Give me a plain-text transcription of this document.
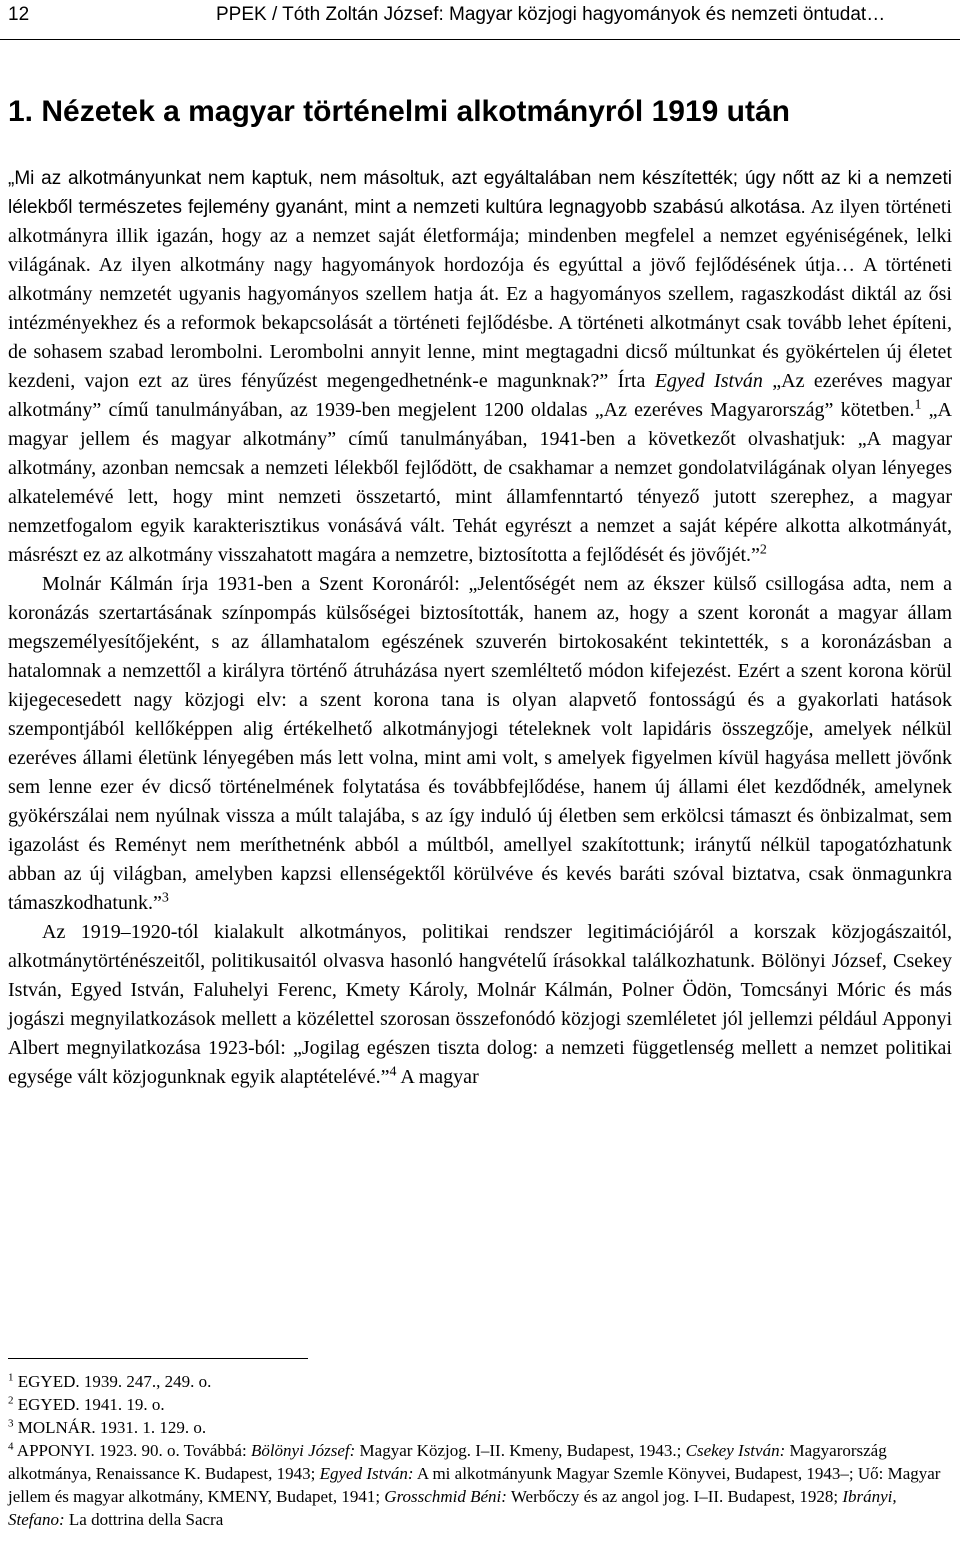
12	PPEK / Tóth Zoltán József: Magyar közjogi hagyományok és nemzeti öntudat…
1. Nézetek a magyar történelmi alkotmányról 1919 után

„Mi az alkotmányunkat nem kaptuk, nem másoltuk, azt egyáltalában nem készítették; úgy nőtt az ki a nemzeti lélekből természetes fejlemény gyanánt, mint a nemzeti kultúra legnagyobb szabású alkotása. Az ilyen történeti alkotmányra illik igazán, hogy az a nemzet saját életformája; mindenben megfelel a nemzet egyéniségének, lelki világának. Az ilyen alkotmány nagy hagyományok hordozója és egyúttal a jövő fejlődésének útja… A történeti alkotmány nemzetét ugyanis hagyományos szellem hatja át. Ez a hagyományos szellem, ragaszkodást diktál az ősi intézményekhez és a reformok bekapcsolását a történeti fejlődésbe. A történeti alkotmányt csak tovább lehet építeni, de sohasem szabad lerombolni. Lerombolni annyit lenne, mint megtagadni dicső múltunkat és gyökértelen új életet kezdeni, vajon ezt az üres fényűzést megengedhetnénk-e magunknak?” Írta Egyed István „Az ezeréves magyar alkotmány” című tanulmányában, az 1939-ben megjelent 1200 oldalas „Az ezeréves Magyarország” kötetben.$^1$ „A magyar jellem és magyar alkotmány” című tanulmányában, 1941-ben a következőt olvashatjuk: „A magyar alkotmány, azonban nemcsak a nemzeti lélekből fejlődött, de csakhamar a nemzet gondolatvilágának olyan lényeges alkatelemévé lett, hogy mint nemzeti összetartó, mint államfenntartó tényező jutott szerephez, a magyar nemzetfogalom egyik karakterisztikus vonásává vált. Tehát egyrészt a nemzet a saját képére alkotta alkotmányát, másrészt ez az alkotmány visszahatott magára a nemzetre, biztosította a fejlődését és jövőjét.”$^2$

Molnár Kálmán írja 1931-ben a Szent Koronáról: „Jelentőségét nem az ékszer külső csillogása adta, nem a koronázás szertartásának színpompás külsőségei biztosították, hanem az, hogy a szent koronát a magyar állam megszemélyesítőjeként, s az államhatalom egészének szuverén birtokosaként tekintették, s a koronázásban a hatalomnak a nemzettől a királyra történő átruházása nyert szemléltető módon kifejezést. Ezért a szent korona körül kijegecesedett nagy közjogi elv: a szent korona tana is olyan alapvető fontosságú és a gyakorlati hatások szempontjából kellőképpen alig értékelhető alkotmányjogi tételeknek volt lapidáris összegzője, amelyek nélkül ezeréves állami életünk lényegében más lett volna, mint ami volt, s amelyek figyelmen kívül hagyása mellett jövőnk sem lenne ezer év dicső történelmének folytatása és továbbfejlődése, hanem új állami élet kezdődnék, amelynek gyökérszálai nem nyúlnak vissza a múlt talajába, s az így induló új életben sem erkölcsi támaszt és önbizalmat, sem igazolást és Reményt nem meríthetnénk abból a múltból, amellyel szakítottunk; iránytű nélkül tapogatózhatunk abban az új világban, amelyben kapzsi ellenségektől körülvéve és kevés baráti szóval biztatva, csak önmagunkra támaszkodhatunk.”$^3$

Az 1919–1920-tól kialakult alkotmányos, politikai rendszer legitimációjáról a korszak közjogászaitól, alkotmánytörténészeitől, politikusaitól olvasva hasonló hangvételű írásokkal találkozhatunk. Bölönyi József, Csekey István, Egyed István, Faluhelyi Ferenc, Kmety Károly, Molnár Kálmán, Polner Ödön, Tomcsányi Móric és más jogászi megnyilatkozások mellett a közélettel szorosan összefonódó közjogi szemléletet jól jellemzi például Apponyi Albert megnyilatkozása 1923-ból: „Jogilag egészen tiszta dolog: a nemzeti függetlenség mellett a nemzet politikai egysége vált közjogunknak egyik alaptételévé.”$^4$ A magyar

$^1$ EGYED. 1939. 247., 249. o.

$^2$ EGYED. 1941. 19. o.

$^3$ MOLNÁR. 1931. 1. 129. o.

$^4$ APPONYI. 1923. 90. o. Továbbá: Bölönyi József: Magyar Közjog. I–II. Kmeny, Budapest, 1943.; Csekey István: Magyarország alkotmánya, Renaissance K. Budapest, 1943; Egyed István: A mi alkotmányunk Magyar Szemle Könyvei, Budapest, 1943–; Uő: Magyar jellem és magyar alkotmány, KMENY, Budapet, 1941; Grosschmid Béni: Werbőczy és az angol jog. I–II. Budapest, 1928; Ibrányi, Stefano: La dottrina della Sacra
